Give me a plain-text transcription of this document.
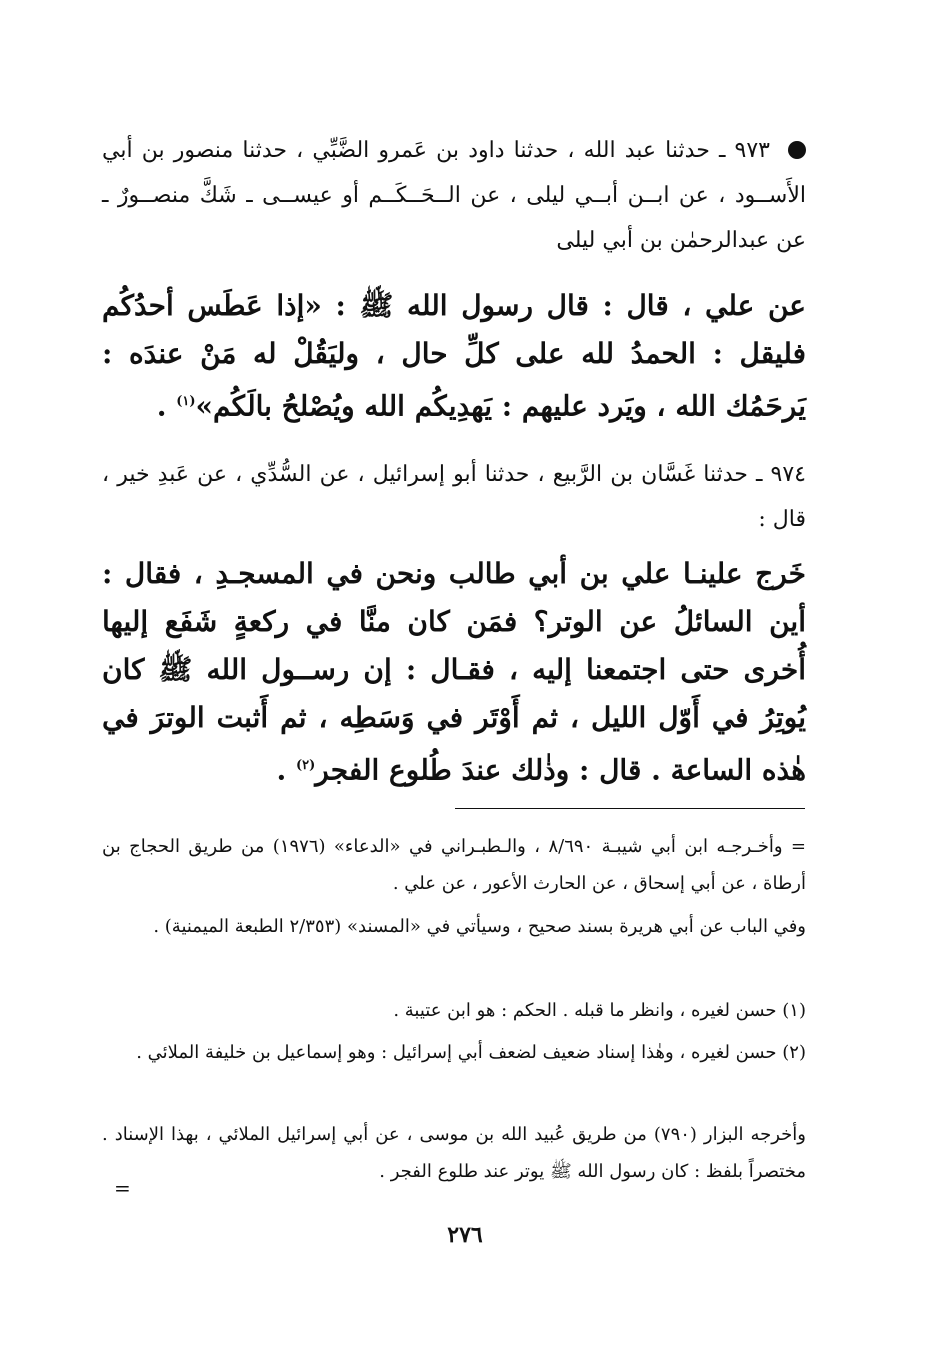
٩٧٣ ـ حدثنا عبد الله ، حدثنا داود بن عَمرو الضَّبِّي ، حدثنا منصور بن أبي الأَســود ، عن ابــن أبــي ليلى ، عن الــحَــكَــم أو عيســى ـ شَكَّ منصــورٌ ـ عن عبدالرحمٰن بن أبي ليلى
عن علي ، قال : قال رسول الله ﷺ : «إذا عَطَس أحدُكُم فليقل : الحمدُ لله على كلِّ حال ، وليَقُلْ له مَنْ عندَه : يَرحَمُك الله ، ويَرد عليهم : يَهدِيكُم الله ويُصْلحُ بالَكُم»$^{(١)}$ .
٩٧٤ ـ حدثنا غَسَّان بن الرَّبيع ، حدثنا أبو إسرائيل ، عن السُّدِّي ، عن عَبدِ خير ، قال :
خَرج علينـا علي بن أبي طالب ونحن في المسجـدِ ، فقال : أين السائلُ عن الوتر؟ فمَن كان منَّا في ركعةٍ شَفَع إليها أُخرى حتى اجتمعنا إليه ، فقـال : إن رســول الله ﷺ كان يُوتِرُ في أَوّل الليل ، ثم أَوْتَر في وَسَطِه ، ثم أَثبت الوترَ في هٰذه الساعة . قال : وذٰلك عندَ طُلوع الفجر$^{(٢)}$ .
= وأخـرجـه ابن أبي شيبـة ٨/٦٩٠ ، والـطبـراني في «الدعاء» (١٩٧٦) من طريق الحجاج بن أرطاة ، عن أبي إسحاق ، عن الحارث الأعور ، عن علي .
وفي الباب عن أبي هريرة بسند صحيح ، وسيأتي في «المسند» (٢/٣٥٣ الطبعة الميمنية) .
(١) حسن لغيره ، وانظر ما قبله . الحكم : هو ابن عتيبة .
(٢) حسن لغيره ، وهٰذا إسناد ضعيف لضعف أبي إسرائيل : وهو إسماعيل بن خليفة الملائي .
وأخرجه البزار (٧٩٠) من طريق عُبيد الله بن موسى ، عن أبي إسرائيل الملائي ، بهذا الإسناد . مختصراً بلفظ : كان رسول الله ﷺ يوتر عند طلوع الفجر .
=
٢٧٦
